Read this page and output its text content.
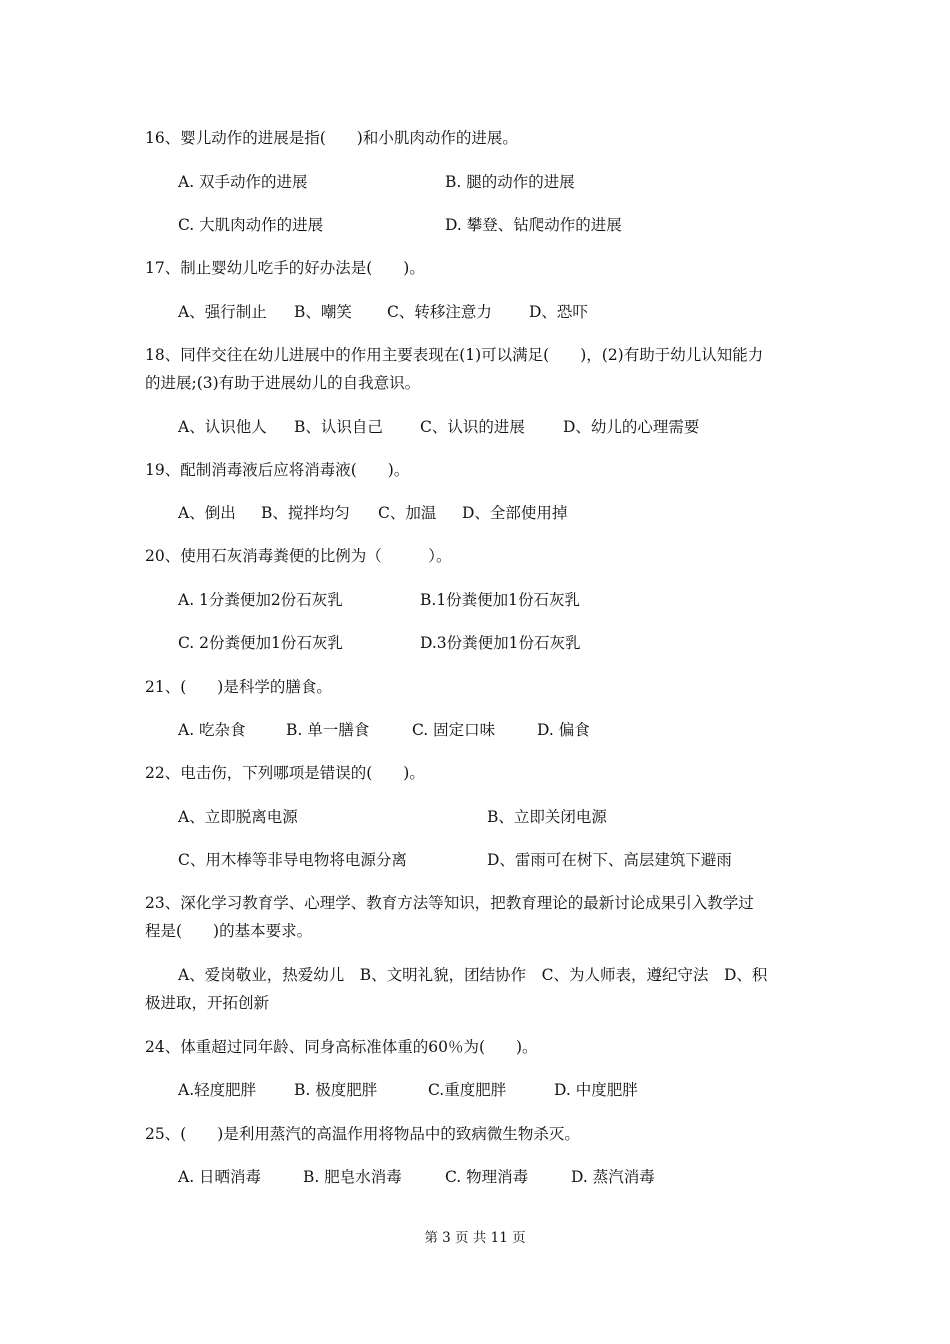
16、婴儿动作的进展是指(　　)和小肌肉动作的进展。
A. 双手动作的进展	B. 腿的动作的进展
C. 大肌肉动作的进展	D. 攀登、钻爬动作的进展
17、制止婴幼儿吃手的好办法是(　　)。
A、强行制止 B、嘲笑 C、转移注意力 D、恐吓
18、同伴交往在幼儿进展中的作用主要表现在(1)可以满足(　　)，(2)有助于幼儿认知能力
的进展;(3)有助于进展幼儿的自我意识。
A、认识他人 B、认识自己 C、认识的进展 D、幼儿的心理需要
19、配制消毒液后应将消毒液(　　)。
A、倒出 B、搅拌均匀 C、加温 D、全部使用掉
20、使用石灰消毒粪便的比例为（　　　）。
A. 1分粪便加2份石灰乳	B.1份粪便加1份石灰乳
C. 2份粪便加1份石灰乳	D.3份粪便加1份石灰乳
21、(　　)是科学的膳食。
A. 吃杂食	B. 单一膳食	C. 固定口味	D. 偏食
22、电击伤，下列哪项是错误的(　　)。
A、立即脱离电源	B、立即关闭电源
C、用木棒等非导电物将电源分离	D、雷雨可在树下、高层建筑下避雨
23、深化学习教育学、心理学、教育方法等知识，把教育理论的最新讨论成果引入教学过
程是(　　)的基本要求。
A、爱岗敬业，热爱幼儿　B、文明礼貌，团结协作　C、为人师表，遵纪守法　D、积
极进取，开拓创新
24、体重超过同年龄、同身高标准体重的60％为(　　)。
A.轻度肥胖 B. 极度肥胖	C.重度肥胖	D. 中度肥胖
25、(　　)是利用蒸汽的高温作用将物品中的致病微生物杀灭。
A. 日晒消毒	B. 肥皂水消毒	C. 物理消毒	D. 蒸汽消毒
第 3 页 共 11 页
